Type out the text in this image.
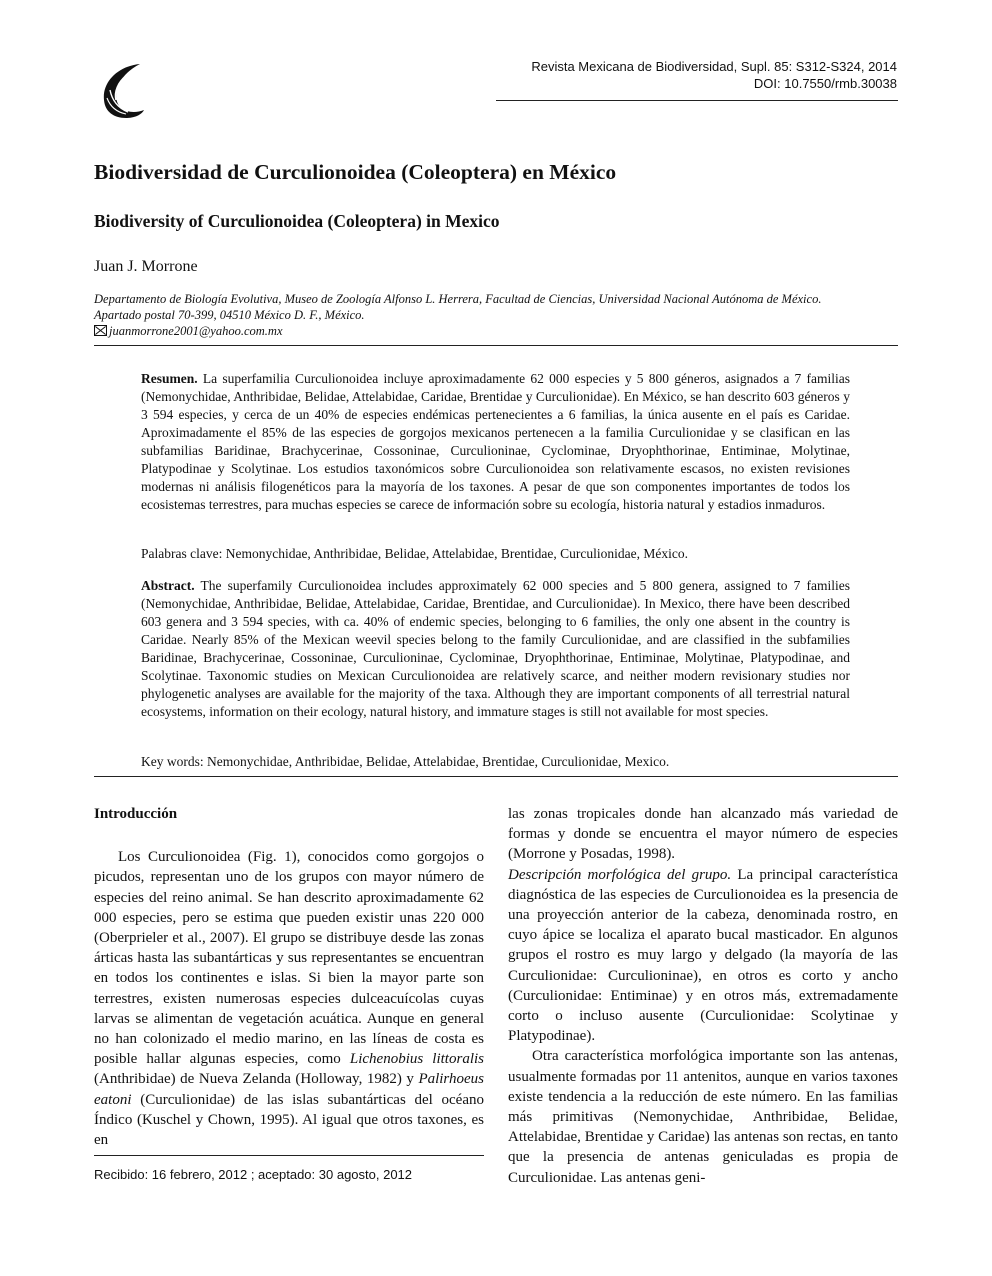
Revista Mexicana de Biodiversidad, Supl. 85: S312-S324, 2014
DOI: 10.7550/rmb.30038
Biodiversidad de Curculionoidea (Coleoptera) en México
Biodiversity of Curculionoidea (Coleoptera) in Mexico
Juan J. Morrone
Departamento de Biología Evolutiva, Museo de Zoología Alfonso L. Herrera, Facultad de Ciencias, Universidad Nacional Autónoma de México.
Apartado postal 70-399, 04510 México D. F., México.
juanmorrone2001@yahoo.com.mx

Resumen. La superfamilia Curculionoidea incluye aproximadamente 62 000 especies y 5 800 géneros, asignados a 7 familias (Nemonychidae, Anthribidae, Belidae, Attelabidae, Caridae, Brentidae y Curculionidae). En México, se han descrito 603 géneros y 3 594 especies, y cerca de un 40% de especies endémicas pertenecientes a 6 familias, la única ausente en el país es Caridae. Aproximadamente el 85% de las especies de gorgojos mexicanos pertenecen a la familia Curculionidae y se clasifican en las subfamilias Baridinae, Brachycerinae, Cossoninae, Curculioninae, Cyclominae, Dryophthorinae, Entiminae, Molytinae, Platypodinae y Scolytinae. Los estudios taxonómicos sobre Curculionoidea son relativamente escasos, no existen revisiones modernas ni análisis filogenéticos para la mayoría de los taxones. A pesar de que son componentes importantes de todos los ecosistemas terrestres, para muchas especies se carece de información sobre su ecología, historia natural y estadios inmaduros.

Palabras clave: Nemonychidae, Anthribidae, Belidae, Attelabidae, Brentidae, Curculionidae, México.

Abstract. The superfamily Curculionoidea includes approximately 62 000 species and 5 800 genera, assigned to 7 families (Nemonychidae, Anthribidae, Belidae, Attelabidae, Caridae, Brentidae, and Curculionidae). In Mexico, there have been described 603 genera and 3 594 species, with ca. 40% of endemic species, belonging to 6 families, the only one absent in the country is Caridae. Nearly 85% of the Mexican weevil species belong to the family Curculionidae, and are classified in the subfamilies Baridinae, Brachycerinae, Cossoninae, Curculioninae, Cyclominae, Dryophthorinae, Entiminae, Molytinae, Platypodinae, and Scolytinae. Taxonomic studies on Mexican Curculionoidea are relatively scarce, and neither modern revisionary studies nor phylogenetic analyses are available for the majority of the taxa. Although they are important components of all terrestrial natural ecosystems, information on their ecology, natural history, and immature stages is still not available for most species.

Key words: Nemonychidae, Anthribidae, Belidae, Attelabidae, Brentidae, Curculionidae, Mexico.

Introducción

Los Curculionoidea (Fig. 1), conocidos como gorgojos o picudos, representan uno de los grupos con mayor número de especies del reino animal. Se han descrito aproximadamente 62 000 especies, pero se estima que pueden existir unas 220 000 (Oberprieler et al., 2007). El grupo se distribuye desde las zonas árticas hasta las subantárticas y sus representantes se encuentran en todos los continentes e islas. Si bien la mayor parte son terrestres, existen numerosas especies dulceacuícolas cuyas larvas se alimentan de vegetación acuática. Aunque en general no han colonizado el medio marino, en las líneas de costa es posible hallar algunas especies, como Lichenobius littoralis (Anthribidae) de Nueva Zelanda (Holloway, 1982) y Palirhoeus eatoni (Curculionidae) de las islas subantárticas del océano Índico (Kuschel y Chown, 1995). Al igual que otros taxones, es en

Recibido: 16 febrero, 2012 ; aceptado: 30 agosto, 2012

las zonas tropicales donde han alcanzado más variedad de formas y donde se encuentra el mayor número de especies (Morrone y Posadas, 1998).

Descripción morfológica del grupo. La principal característica diagnóstica de las especies de Curculionoidea es la presencia de una proyección anterior de la cabeza, denominada rostro, en cuyo ápice se localiza el aparato bucal masticador. En algunos grupos el rostro es muy largo y delgado (la mayoría de las Curculionidae: Curculioninae), en otros es corto y ancho (Curculionidae: Entiminae) y en otros más, extremadamente corto o incluso ausente (Curculionidae: Scolytinae y Platypodinae).

Otra característica morfológica importante son las antenas, usualmente formadas por 11 antenitos, aunque en varios taxones existe tendencia a la reducción de este número. En las familias más primitivas (Nemonychidae, Anthribidae, Belidae, Attelabidae, Brentidae y Caridae) las antenas son rectas, en tanto que la presencia de antenas geniculadas es propia de Curculionidae. Las antenas geni-
